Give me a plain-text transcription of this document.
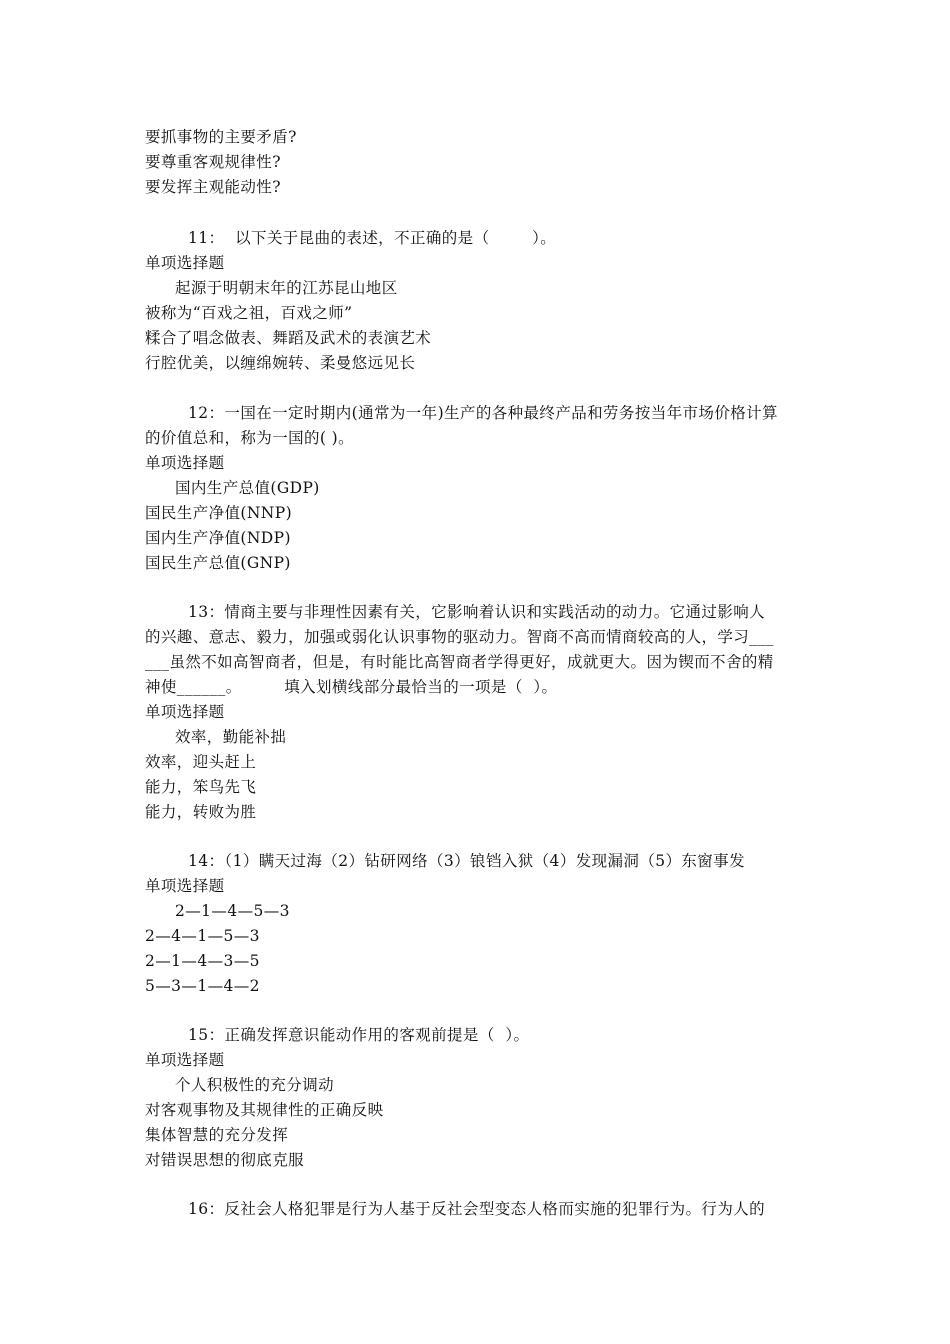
要抓事物的主要矛盾?
要尊重客观规律性?
要发挥主观能动性?
11：  以下关于昆曲的表述，不正确的是（        ）。
单项选择题
起源于明朝末年的江苏昆山地区
被称为“百戏之祖，百戏之师”
糅合了唱念做表、舞蹈及武术的表演艺术
行腔优美，以缠绵婉转、柔曼悠远见长
12：一国在一定时期内(通常为一年)生产的各种最终产品和劳务按当年市场价格计算
的价值总和，称为一国的( )。
单项选择题
国内生产总值(GDP)
国民生产净值(NNP)
国内生产净值(NDP)
国民生产总值(GNP)
13：情商主要与非理性因素有关，它影响着认识和实践活动的动力。它通过影响人
的兴趣、意志、毅力，加强或弱化认识事物的驱动力。智商不高而情商较高的人，学习___
___虽然不如高智商者，但是，有时能比高智商者学得更好，成就更大。因为锲而不舍的精
神使______。        填入划横线部分最恰当的一项是（  ）。
单项选择题
效率，勤能补拙
效率，迎头赶上
能力，笨鸟先飞
能力，转败为胜
14：（1）瞒天过海（2）钻研网络（3）锒铛入狱（4）发现漏洞（5）东窗事发
单项选择题
2—1—4—5—3
2—4—1—5—3
2—1—4—3—5
5—3—1—4—2
15：正确发挥意识能动作用的客观前提是（  ）。
单项选择题
个人积极性的充分调动
对客观事物及其规律性的正确反映
集体智慧的充分发挥
对错误思想的彻底克服
16：反社会人格犯罪是行为人基于反社会型变态人格而实施的犯罪行为。行为人的
